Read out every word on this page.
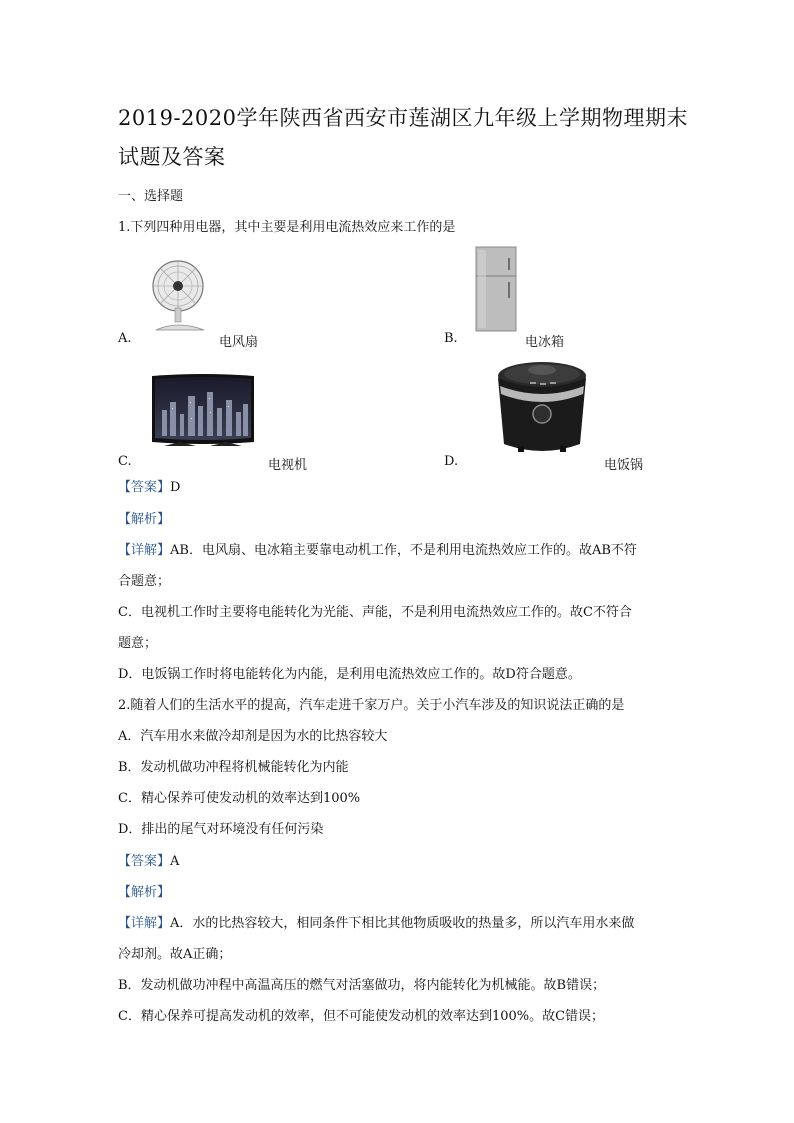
2019-2020学年陕西省西安市莲湖区九年级上学期物理期末
试题及答案
一、选择题
1.下列四种用电器，其中主要是利用电流热效应来工作的是
A.	电风扇	B.	电冰箱
C.	电视机	D.	电饭锅
【答案】D
【解析】
【详解】AB．电风扇、电冰箱主要靠电动机工作，不是利用电流热效应工作的。故AB不符
合题意；
C．电视机工作时主要将电能转化为光能、声能，不是利用电流热效应工作的。故C不符合
题意；
D．电饭锅工作时将电能转化为内能，是利用电流热效应工作的。故D符合题意。
2.随着人们的生活水平的提高，汽车走进千家万户。关于小汽车涉及的知识说法正确的是
A．汽车用水来做冷却剂是因为水的比热容较大
B．发动机做功冲程将机械能转化为内能
C．精心保养可使发动机的效率达到100%
D．排出的尾气对环境没有任何污染
【答案】A
【解析】
【详解】A．水的比热容较大，相同条件下相比其他物质吸收的热量多，所以汽车用水来做
冷却剂。故A正确；
B．发动机做功冲程中高温高压的燃气对活塞做功，将内能转化为机械能。故B错误；
C．精心保养可提高发动机的效率，但不可能使发动机的效率达到100%。故C错误；
